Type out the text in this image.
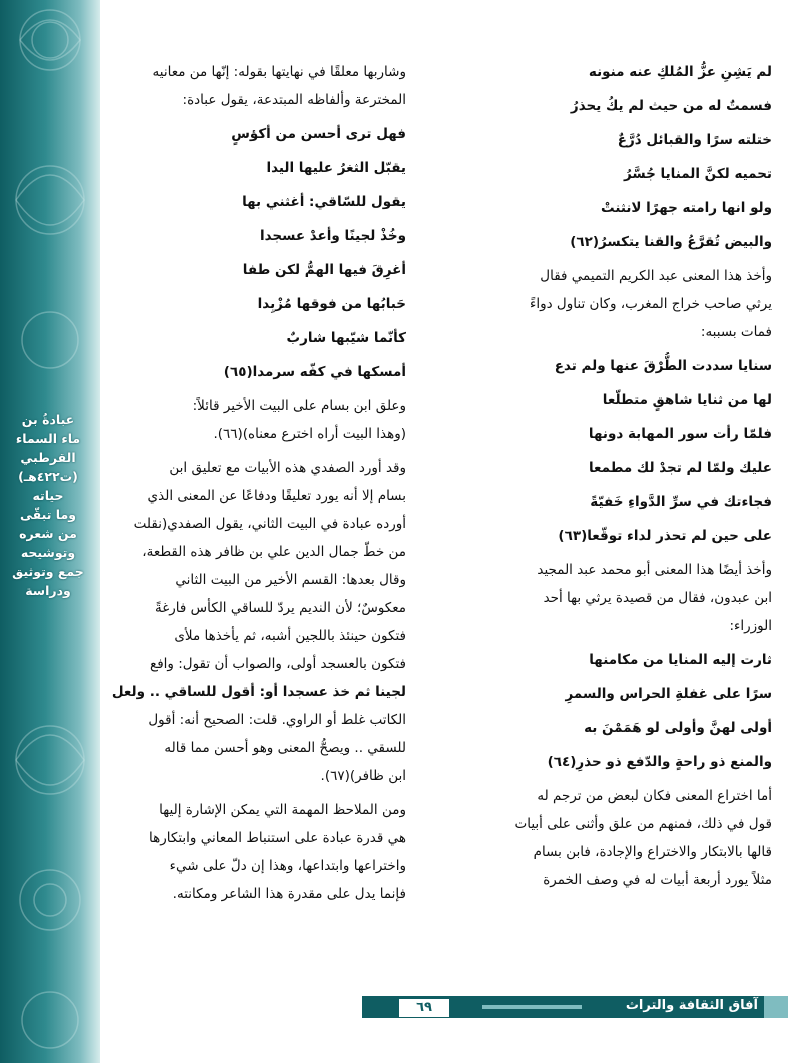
عبادةُ بن
ماء السماء
القرطبي
(ت٤٢٢هـ)
حياته
وما تبقّى
من شعره
وتوشيحه
جمع وتوثيق
ودراسة
لم يَشِنِ عزُّ المُلكِ عنه منونه
فسمتٌ له من حيث لم يكُ يحذرُ
ختلته سرًا والقبائل دُرَّعٌ
تحميه لكنَّ المنايا جُسَّرُ
ولو انها رامته جهرًا لانثنتْ
والبيض تُقرَّعُ والقنا يتكسرُ(٦٢)
وأخذ هذا المعنى عبد الكريم التميمي فقال
يرثي صاحب خراج المغرب، وكان تناول دواءً
فمات بسببه:
سنايا سددت الطُّرْقَ عنها ولم تدع
لها من ثنايا شاهقٍ متطلّعا
فلمّا رأت سور المهابة دونها
عليك ولمّا لم تجدْ لك مطمعا
فجاءتك في سرِّ الدَّواءِ خَفيّةً
على حين لم تحذر لداء توقّعا(٦٣)
وأخذ أيضًا هذا المعنى أبو محمد عبد المجيد
ابن عبدون، فقال من قصيدة يرثي بها أحد
الوزراء:
ثارت إليه المنايا من مكامنها
سرًا على غفلةِ الحراس والسمرِ
أولى لهنَّ وأولى لو هَمَمْنَ به
والمنع ذو راحةٍ والدّفع ذو حذرِ(٦٤)
أما اختراع المعنى فكان لبعض من ترجم له
قول في ذلك، فمنهم من علق وأثنى على أبيات
قالها بالابتكار والاختراع والإجادة، فابن بسام
مثلاً يورد أربعة أبيات له في وصف الخمرة
وشاربها معلقًا في نهايتها بقوله: إنّها من معانيه
المخترعة وألفاظه المبتدعة، يقول عبادة:
فهل ترى أحسن من أكؤسٍ
يقبّل الثغرُ عليها اليدا
يقول للسّاقي: أغثني بها
وخُذْ لجينًا وأعدْ عسجدا
أغرِقَ فيها الهمُّ لكن طفا
حَبابُها من فوقها مُزْبِدا
كأنّما شيّبها شاربٌ
أمسكها في كفّه سرمدا(٦٥)
وعلق ابن بسام على البيت الأخير قائلاً:
(وهذا البيت أراه اخترع معناه)(٦٦).
وقد أورد الصفدي هذه الأبيات مع تعليق ابن
بسام إلا أنه يورد تعليقًا ودفاعًا عن المعنى الذي
أورده عبادة في البيت الثاني، يقول الصفدي(نقلت
من خطّ جمال الدين علي بن ظافر هذه القطعة،
وقال بعدها: القسم الأخير من البيت الثاني
معكوسٌ؛ لأن النديم يردّ للساقي الكأس فارغةً
فتكون حينئذ باللجين أشبه، ثم يأخذها ملأى
فتكون بالعسجد أولى، والصواب أن تقول: وافع
لجينا ثم خذ عسجدا أو: أقول للساقي .. ولعل
الكاتب غلط أو الراوي. قلت: الصحيح أنه: أقول
للسقي .. ويصحُّ المعنى وهو أحسن مما قاله
ابن ظافر)(٦٧).
ومن الملاحظ المهمة التي يمكن الإشارة إليها
هي قدرة عبادة على استنباط المعاني وابتكارها
واختراعها وابتداعها، وهذا إن دلّ على شيء
فإنما يدل على مقدرة هذا الشاعر ومكانته.
٦٩	آفاق الثقافة والتراث
